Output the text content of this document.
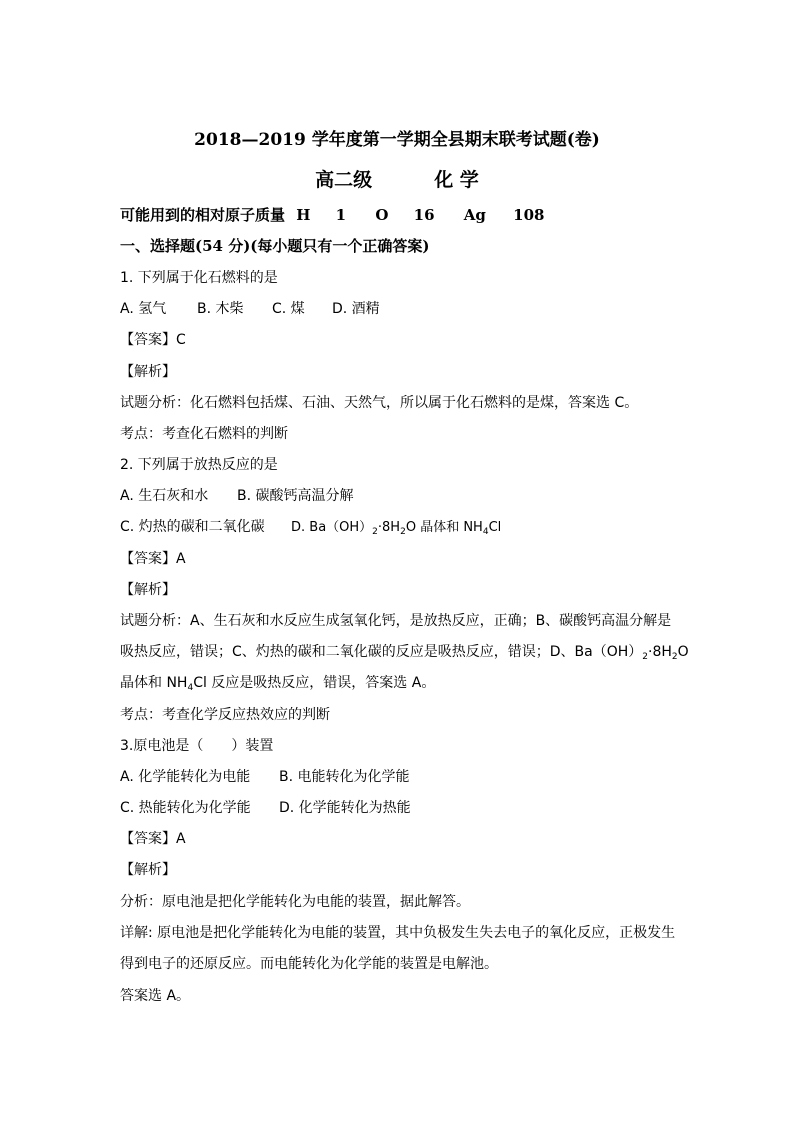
2018—2019 学年度第一学期全县期末联考试题(卷)
高二级	化 学
可能用到的相对原子质量 H 1 O 16 Ag 108
一、选择题(54 分)(每小题只有一个正确答案)
1. 下列属于化石燃料的是
A. 氢气 B. 木柴 C. 煤 D. 酒精
【答案】C
【解析】
试题分析：化石燃料包括煤、石油、天然气，所以属于化石燃料的是煤，答案选 C。
考点：考查化石燃料的判断
2. 下列属于放热反应的是
A. 生石灰和水 B. 碳酸钙高温分解
C. 灼热的碳和二氧化碳 D. Ba（OH）2·8H2O 晶体和 NH4Cl
【答案】A
【解析】
试题分析：A、生石灰和水反应生成氢氧化钙，是放热反应，正确；B、碳酸钙高温分解是
吸热反应，错误；C、灼热的碳和二氧化碳的反应是吸热反应，错误；D、$Ba(OH)_2\cdot 8H_2O$
晶体和 $NH_4Cl$ 反应是吸热反应，错误，答案选 A。
考点：考查化学反应热效应的判断
3.原电池是（　　）装置
A. 化学能转化为电能 B. 电能转化为化学能
C. 热能转化为化学能 D. 化学能转化为热能
【答案】A
【解析】
分析：原电池是把化学能转化为电能的装置，据此解答。
详解: 原电池是把化学能转化为电能的装置，其中负极发生失去电子的氧化反应，正极发生
得到电子的还原反应。而电能转化为化学能的装置是电解池。
答案选 A。
